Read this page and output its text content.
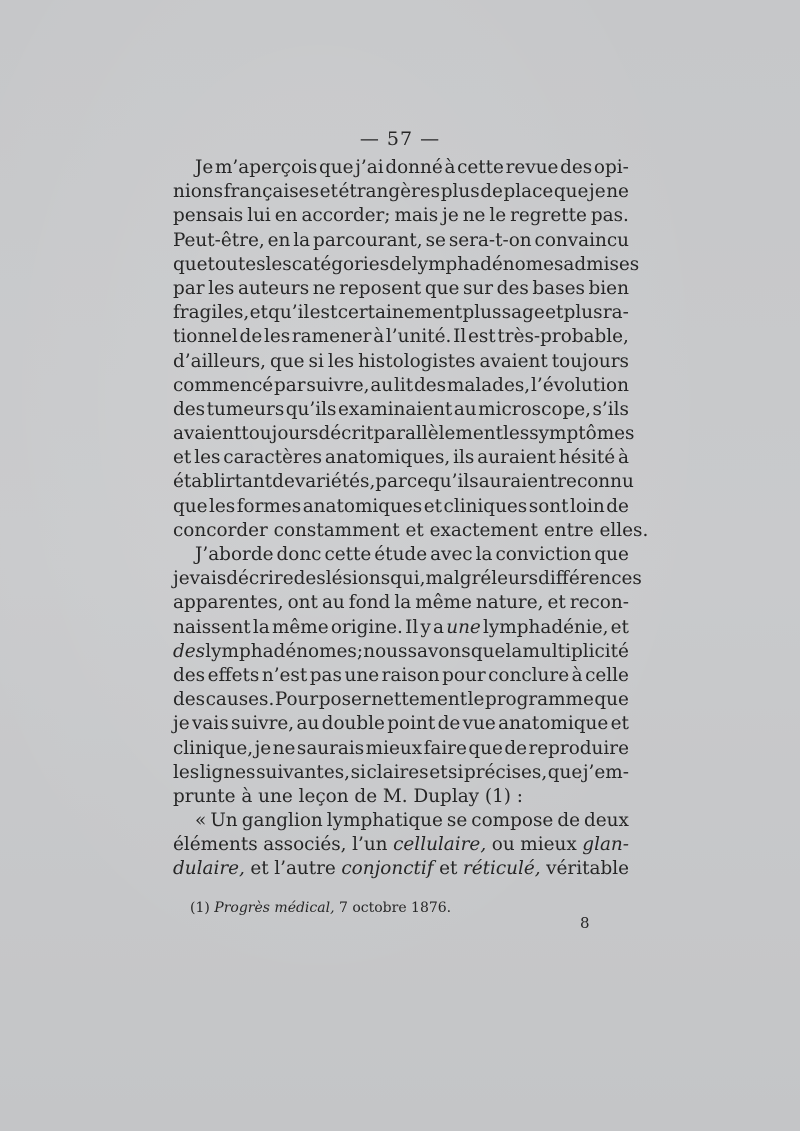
— 57 —
Je m’aperçois que j’ai donné à cette revue des opi-
nions françaises et étrangères plus de place que je ne
pensais lui en accorder; mais je ne le regrette pas.
Peut-être, en la parcourant, se sera-t-on convaincu
que toutes les catégories de lymphadénomes admises
par les auteurs ne reposent que sur des bases bien
fragiles, et qu’il est certainement plus sage et plus ra-
tionnel de les ramener à l’unité. Il est très-probable,
d’ailleurs, que si les histologistes avaient toujours
commencé par suivre, au lit des malades, l’évolution
des tumeurs qu’ils examinaient au microscope, s’ils
avaient toujours décrit parallèlement les symptômes
et les caractères anatomiques, ils auraient hésité à
établir tant de variétés, parce qu’ils auraient reconnu
que les formes anatomiques et cliniques sont loin de
concorder constamment et exactement entre elles.
J’aborde donc cette étude avec la conviction que
je vais décrire des lésions qui, malgré leurs différences
apparentes, ont au fond la même nature, et recon-
naissent la même origine. Il y a une lymphadénie, et
des lymphadénomes; nous savons que la multiplicité
des effets n’est pas une raison pour conclure à celle
des causes. Pour poser nettement le programme que
je vais suivre, au double point de vue anatomique et
clinique, je ne saurais mieux faire que de reproduire
les lignes suivantes, si claires et si précises, que j’em-
prunte à une leçon de M. Duplay (1) :
« Un ganglion lymphatique se compose de deux
éléments associés, l’un cellulaire, ou mieux glan-
dulaire, et l’autre conjonctif et réticulé, véritable
(1) Progrès médical, 7 octobre 1876.
8
